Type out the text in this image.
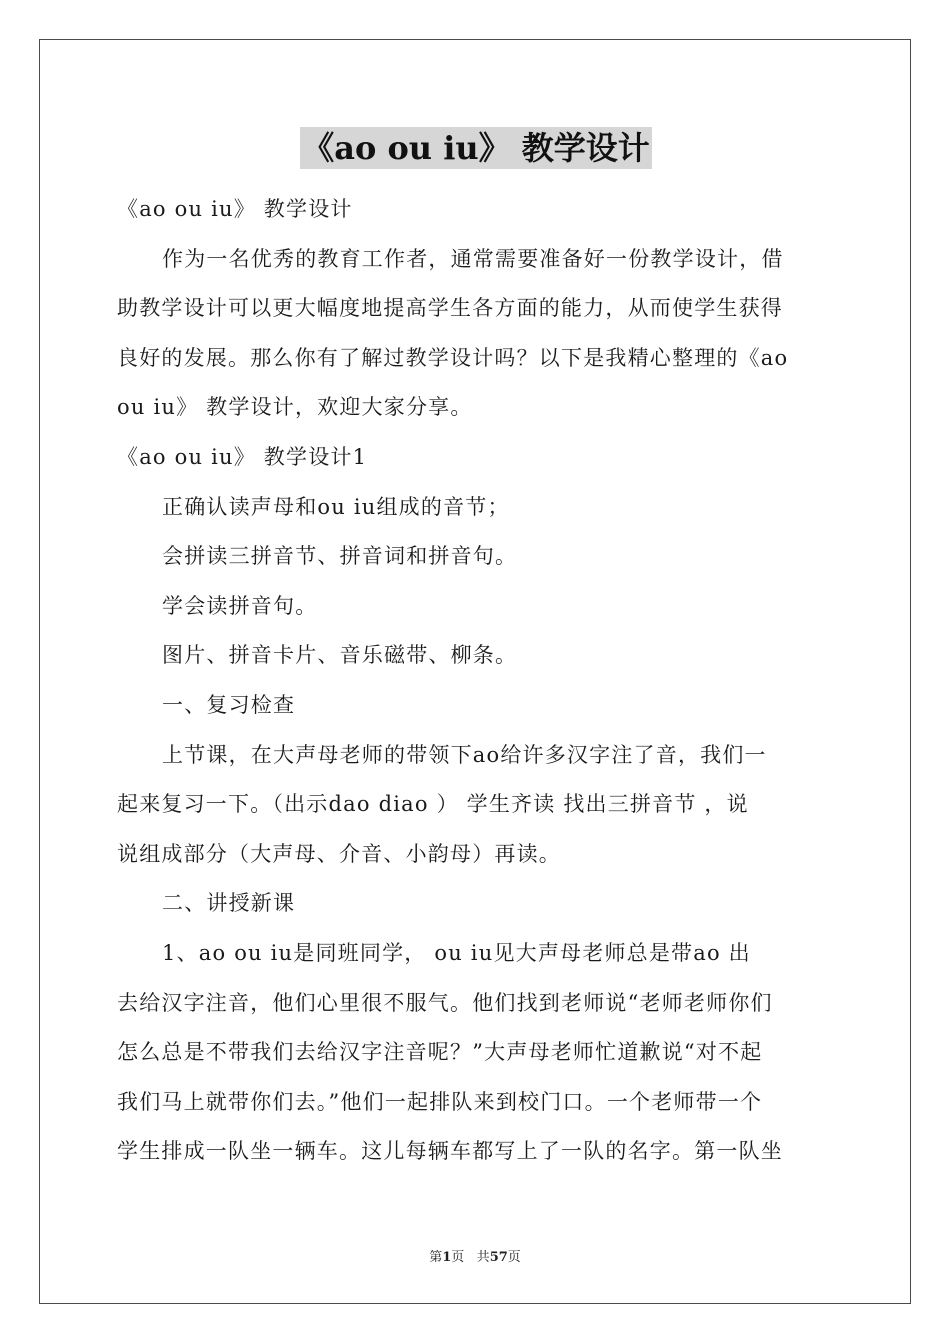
《ao ou iu》 教学设计

《ao ou iu》 教学设计

作为一名优秀的教育工作者，通常需要准备好一份教学设计，借

助教学设计可以更大幅度地提高学生各方面的能力，从而使学生获得

良好的发展。那么你有了解过教学设计吗？以下是我精心整理的《ao

ou iu》 教学设计，欢迎大家分享。

《ao ou iu》 教学设计1

正确认读声母和ou iu组成的音节；

会拼读三拼音节、拼音词和拼音句。

学会读拼音句。

图片、拼音卡片、音乐磁带、柳条。

一、复习检查

上节课，在大声母老师的带领下ao给许多汉字注了音，我们一

起来复习一下。（出示dao diao ） 学生齐读 找出三拼音节 ，说

说组成部分（大声母、介音、小韵母）再读。

二、讲授新课

1、ao ou iu是同班同学， ou iu见大声母老师总是带ao 出

去给汉字注音，他们心里很不服气。他们找到老师说“老师老师你们

怎么总是不带我们去给汉字注音呢？”大声母老师忙道歉说“对不起

我们马上就带你们去。”他们一起排队来到校门口。一个老师带一个

学生排成一队坐一辆车。这儿每辆车都写上了一队的名字。第一队坐

第1页 共57页
